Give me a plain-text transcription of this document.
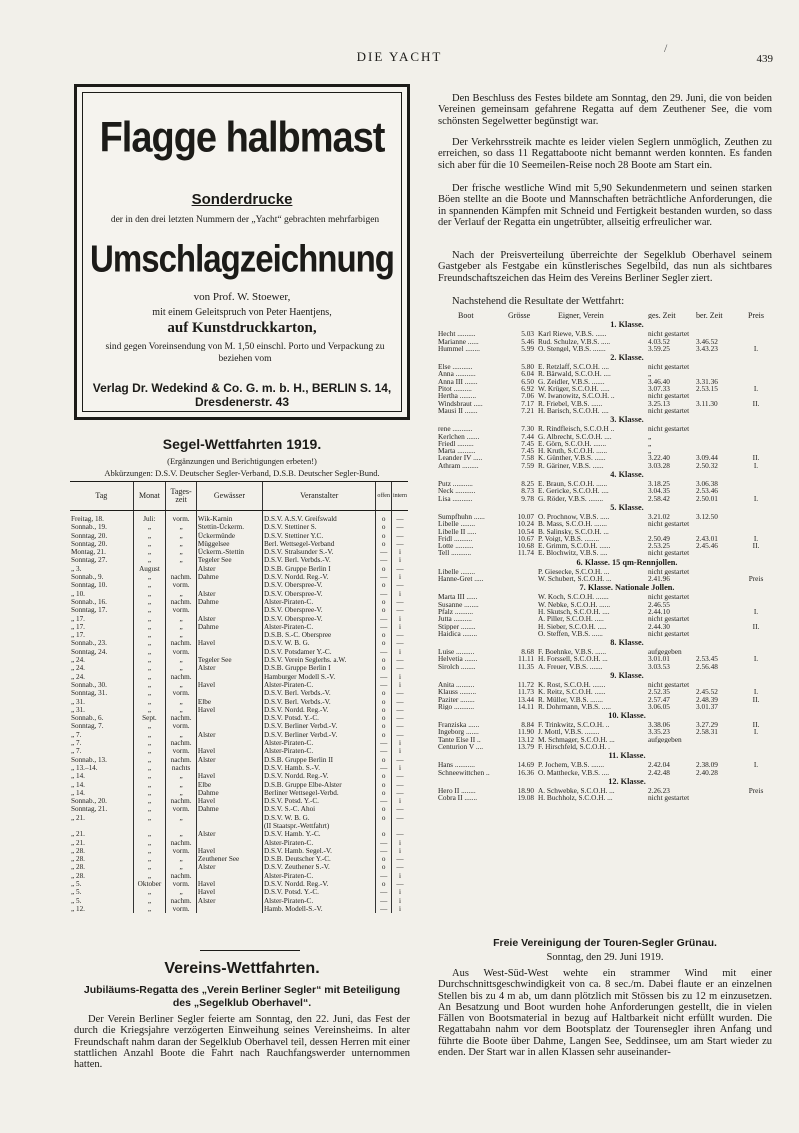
DIE YACHT
/
439
Flagge halbmast
Sonderdrucke
der in den drei letzten Nummern der „Yacht“ gebrachten mehrfarbigen
Umschlagzeichnung
von Prof. W. Stoewer,
mit einem Geleitspruch von Peter Haentjens,
auf Kunstdruckkarton,
sind gegen Voreinsendung von M. 1,50 einschl. Porto und Verpackung zu beziehen vom
Verlag Dr. Wedekind & Co. G. m. b. H., BERLIN S. 14, Dresdenerstr. 43
Segel-Wettfahrten 1919.
(Ergänzungen und Berichtigungen erbeten!)
Abkürzungen: D.S.V. Deutscher Segler-Verband, D.S.B. Deutscher Segler-Bund.
Tag	Monat	Tages-zeit	Gewässer	Veranstalter	offen	intern
Freitag, 18.	Juli:	vorm.	Wik-Karnin	D.S.V. A.S.V. Greifswald	o	—
Sonnab., 19.	„	„	Stettin-Ückerm.	D.S.V. Stettiner S.	o	—
Sonntag, 20.	„	„	Ückermünde	D.S.V. Stettiner Y.C.	o	—
Sonntag, 20.	„	„	Müggelsee	Berl. Wettsegel-Verband	o	—
Montag, 21.	„	„	Ückerm.-Stettin	D.S.V. Stralsunder S.-V.	—	i
Sonntag, 27.	„	„	Tegeler See	D.S.V. Berl. Verbds.-V.	—	i
„ 3.	August		Alster	D.S.B. Gruppe Berlin I	o	—
Sonnab., 9.	„	nachm.	Dahme	D.S.V. Nordd. Reg.-V.	—	i
Sonntag, 10.	„	vorm.		D.S.V. Oberspree-V.	o	—
„ 10.	„	„	Alster	D.S.V. Oberspree-V.	—	i
Sonnab., 16.	„	nachm.	Dahme	Alster-Piraten-C.	o	—
Sonntag, 17.	„	vorm.		D.S.V. Oberspree-V.	o	—
„ 17.	„	„	Alster	D.S.V. Oberspree-V.	—	i
„ 17.	„	„	Dahme	Alster-Piraten-C.	—	i
„ 17.	„	„		D.S.B. S.-C. Oberspree	o	—
Sonnab., 23.	„	nachm.	Havel	D.S.V. W. B. G.	o	—
Sonntag, 24.	„	vorm.		D.S.V. Potsdamer Y.-C.	—	i
„ 24.	„	„	Tegeler See	D.S.V. Verein Seglerhs. a.W.	o	—
„ 24.	„	„	Alster	D.S.B. Gruppe Berlin I	o	—
„ 24.	„	nachm.		Hamburger Modell S.-V.	—	i
Sonnab., 30.	„	„	Havel	Alster-Piraten-C.	—	i
Sonntag, 31.	„	vorm.		D.S.V. Berl. Verbds.-V.	o	—
„ 31.	„	„	Elbe	D.S.V. Berl. Verbds.-V.	o	—
„ 31.	„	„	Havel	D.S.V. Nordd. Reg.-V.	o	—
Sonnab., 6.	Sept.	nachm.		D.S.V. Potsd. Y.-C.	o	—
Sonntag, 7.	„	vorm.		D.S.V. Berliner Verbd.-V.	o	—
„ 7.	„	„	Alster	D.S.V. Berliner Verbd.-V.	o	—
„ 7.	„	nachm.		Alster-Piraten-C.	—	i
„ 7.	„	vorm.	Havel	Alster-Piraten-C.	—	i
Sonnab., 13.	„	nachm.	Alster	D.S.B. Gruppe Berlin II	o	—
„ 13.–14.	„	nachts		D.S.V. Hamb. S.-V.	—	i
„ 14.	„	„	Havel	D.S.V. Nordd. Reg.-V.	o	—
„ 14.	„	„	Elbe	D.S.B. Gruppe Elbe-Alster	o	—
„ 14.	„	„	Dahme	Berliner Wettsegel-Verbd.	o	—
Sonnab., 20.	„	nachm.	Havel	D.S.V. Potsd. Y.-C.	—	i
Sonntag, 21.	„	vorm.	Dahme	D.S.V. S.-C. Ahoi	o	—
„ 21.	„	„		D.S.V. W. B. G.	o	—
				(II Staatspr.-Wettfahrt)		
„ 21.	„	„	Alster	D.S.V. Hamb. Y.-C.	o	—
„ 21.	„	nachm.		Alster-Piraten-C.	—	i
„ 28.	„	vorm.	Havel	D.S.V. Hamb. Segel.-V.	—	i
„ 28.	„	„	Zeuthener See	D.S.B. Deutscher Y.-C.	o	—
„ 28.	„	„	Alster	D.S.V. Zeuthener S.-V.	o	—
„ 28.	„	nachm.		Alster-Piraten-C.	—	i
„ 5.	Oktober	vorm.	Havel	D.S.V. Nordd. Reg.-V.	o	—
„ 5.	„	„	Havel	D.S.V. Potsd. Y.-C.	—	i
„ 5.	„	nachm.	Alster	Alster-Piraten-C.	—	i
„ 12.	„	vorm.		Hamb. Modell-S.-V.	—	i
Vereins-Wettfahrten.
Jubiläums-Regatta des „Verein Berliner Segler“ mit Beteiligung des „Segelklub Oberhavel“.
Der Verein Berliner Segler feierte am Sonntag, den 22. Juni, das Fest der durch die Kriegsjahre verzögerten Einweihung seines Vereinsheims. In alter Freundschaft nahm daran der Segelklub Oberhavel teil, dessen Herren mit einer stattlichen Anzahl Boote die Fahrt nach Rauchfangswerder unternommen hatten.
Den Beschluss des Festes bildete am Sonntag, den 29. Juni, die von beiden Vereinen gemeinsam gefahrene Regatta auf dem Zeuthener See, die vom schönsten Segelwetter begünstigt war.
Der Verkehrsstreik machte es leider vielen Seglern unmöglich, Zeuthen zu erreichen, so dass 11 Regattaboote nicht bemannt werden konnten. Es fanden sich aber für die 10 Seemeilen-Reise noch 28 Boote am Start ein.
Der frische westliche Wind mit 5,90 Sekundenmetern und seinen starken Böen stellte an die Boote und Mannschaften beträchtliche Anforderungen, die in spannenden Kämpfen mit Schneid und Fertigkeit bestanden wurden, so dass der Verlauf der Regatta ein ungetrübter, allseitig erfreulicher war.
Nach der Preisverteilung überreichte der Segelklub Oberhavel seinem Gastgeber als Festgabe ein künstlerisches Segelbild, das nun als sichtbares Freundschaftszeichen das Heim des Vereins Berliner Segler ziert.
Nachstehend die Resultate der Wettfahrt:
Boot	Grösse	Eigner, Verein	ges. Zeit	ber. Zeit	Preis
1. Klasse.
Hecht ..........	5.03 Karl Riewe, V.B.S. ......	nicht gestartet
Marianne ......	5.46 Rud. Schulze, V.B.S. .....	4.03.52	3.46.52
Hummel ........	5.99 O. Stengel, V.B.S. .......	3.59.25	3.43.23	I.
2. Klasse.
Else ...........	5.80 E. Retzlaff, S.C.O.H. ....	nicht gestartet
Anna ...........	6.04 R. Bärwald, S.C.O.H. ....	„
Anna III .......	6.50 G. Zeidler, V.B.S. .......	3.46.40	3.31.36
Pitot ..........	6.92 W. Krüger, S.C.O.H. .....	3.07.33	2.53.15	I.
Hertha .........	7.06 W. Iwanowitz, S.C.O.H. ..	nicht gestartet
Windsbraut .....	7.17 R. Friebel, V.B.S. ......	3.25.13	3.11.30	II.
Mausi II .......	7.21 H. Barisch, S.C.O.H. ....	nicht gestartet
3. Klasse.
rene ...........	7.30 R. Rindfleisch, S.C.O.H ..	nicht gestartet
Kerlchen .......	7.44 G. Albrecht, S.C.O.H. ....	„
Friedl .........	7.45 E. Görn, S.C.O.H. .......	„
Marta ..........	7.45 H. Kruth, S.C.O.H. ......	„
Leander IV .....	7.58 K. Günther, V.B.S. ......	3.22.40	3.09.44	II.
Athram .........	7.59 R. Gäriner, V.B.S. ......	3.03.28	2.50.32	I.
4. Klasse.
Putz ...........	8.25 E. Braun, S.C.O.H. ......	3.18.25	3.06.38
Neck ...........	8.73 E. Gericke, S.C.O.H. ....	3.04.35	2.53.46
Lisa ...........	9.78 G. Röder, V.B.S. ........	2.58.42	2.50.01	I.
5. Klasse.
Sumpfhuhn ......	10.07 O. Prochnow, V.B.S. .....	3.21.02	3.12.50
Libelle ........	10.24 B. Mass, S.C.O.H. .......	nicht gestartet
Libelle II .....	10.54 B. Salinsky, S.C.O.H. ...
Fridl ..........	10.67 P. Voigt, V.B.S. ........	2.50.49	2.43.01	I.
Lotte ..........	10.68 E. Grimm, S.C.O.H. ......	2.53.25	2.45.46	II.
Tell ...........	11.74 E. Blochwitz, V.B.S. ....	nicht gestartet
6. Klasse. 15 qm-Rennjollen.
Libelle ........	P. Giesecke, S.C.O.H. ...	nicht gestartet
Hanne-Gret .....	W. Schubert, S.C.O.H. ...	2.41.96	Preis
7. Klasse. Nationale Jollen.
Marta III ......	W. Koch, S.C.O.H. .......	nicht gestartet
Susanne ........	W. Nebke, S.C.O.H. ......	2.46.55
Pfalz ..........	H. Skutsch, S.C.O.H. ....	2.44.10	I.
Jutta ..........	A. Piller, S.C.O.H. .....	nicht gestartet
Stipper ........	H. Sieber, S.C.O.H. .....	2.44.30	II.
Haidica ........	O. Steffen, V.B.S. ......	nicht gestartet
8. Klasse.
Luise ..........	8.68 F. Boehnke, V.B.S. ......	aufgegeben
Helvetia .......	11.11 H. Forssell, S.C.O.H. ...	3.01.01	2.53.45	I.
Sirolch ........	11.35 A. Freuer, V.B.S. .......	3.03.53	2.56.48
9. Klasse.
Anita ..........	11.72 K. Rost, S.C.O.H. .......	nicht gestartet
Klauss .........	11.73 K. Reitz, S.C.O.H. ......	2.52.35	2.45.52	I.
Paziter ........	13.44 R. Müller, V.B.S. .......	2.57.47	2.48.39	II.
Rigo ...........	14.11 R. Dohrmann, V.B.S. .....	3.06.05	3.01.37
10. Klasse.
Franziska ......	8.84 F. Trinkwitz, S.C.O.H. ..	3.38.06	3.27.29	II.
Ingeborg .......	11.90 J. Mottl, V.B.S. ........	3.35.23	2.58.31	I.
Tante Else II ..	13.12 M. Schmager, S.C.O.H. ...	aufgegeben
Centurion V ....	13.79 F. Hirschfeld, S.C.O.H. .
11. Klasse.
Hans ...........	14.69 P. Jochem, V.B.S. .......	2.42.04	2.38.09	I.
Schneewittchen ..	16.36 O. Matthecke, V.B.S. ....	2.42.48	2.40.28
12. Klasse.
Hero II ........	18.90 A. Schwebke, S.C.O.H. ...	2.26.23	Preis
Cobra II .......	19.08 H. Buchholz, S.C.O.H. ...	nicht gestartet
Freie Vereinigung der Touren-Segler Grünau.
Sonntag, den 29. Juni 1919.
Aus West-Süd-West wehte ein strammer Wind mit einer Durchschnittsgeschwindigkeit von ca. 8 sec./m. Dabei flaute er an einzelnen Stellen bis zu 4 m ab, um dann plötzlich mit Stössen bis zu 12 m einzusetzen. An Besatzung und Boot wurden hohe Anforderungen gestellt, die in vielen Fällen von Bootsmaterial in bezug auf Haltbarkeit nicht erfüllt wurden. Die Regattabahn nahm vor dem Bootsplatz der Tourensegler ihren Anfang und führte die Boote über Dahme, Langen See, Seddinsee, um am Start wieder zu enden. Der Start war in allen Klassen sehr auseinander-
